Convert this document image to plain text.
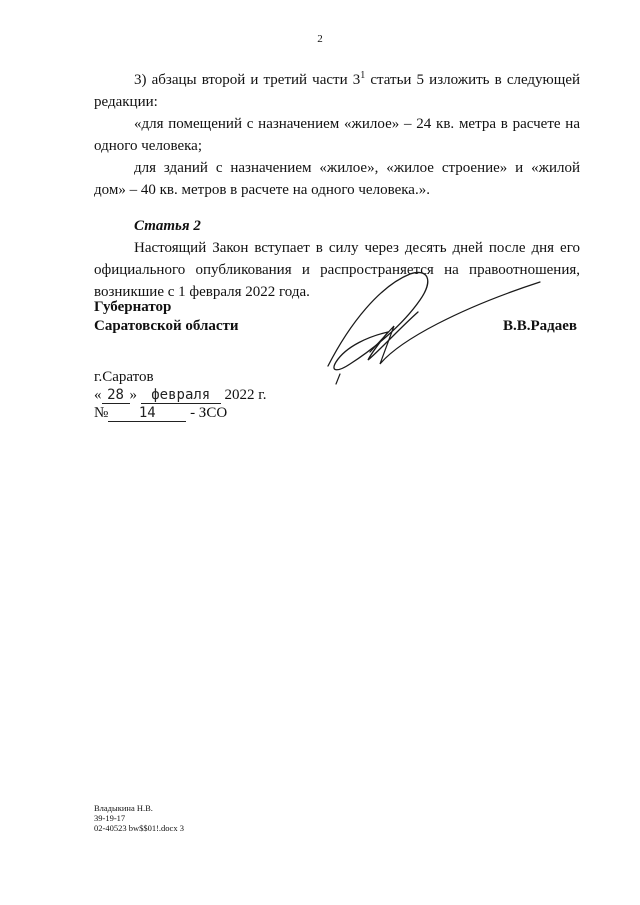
2

3) абзацы второй и третий части $3^1$ статьи 5 изложить в следующей редакции:

«для помещений с назначением «жилое» – 24 кв. метра в расчете на одного человека;

для зданий с назначением «жилое», «жилое строение» и «жилой дом» – 40 кв. метров в расчете на одного человека.».

Статья 2

Настоящий Закон вступает в силу через десять дней после дня его официального опубликования и распространяется на правоотношения, возникшие с 1 февраля 2022 года.

Губернатор
Саратовской области	В.В.Радаев
г.Саратов
« 28 » февраля 2022 г.
№ 14 - ЗСО
Владыкина Н.В.
39-19-17
02-40523 bw$$01!.docx 3
